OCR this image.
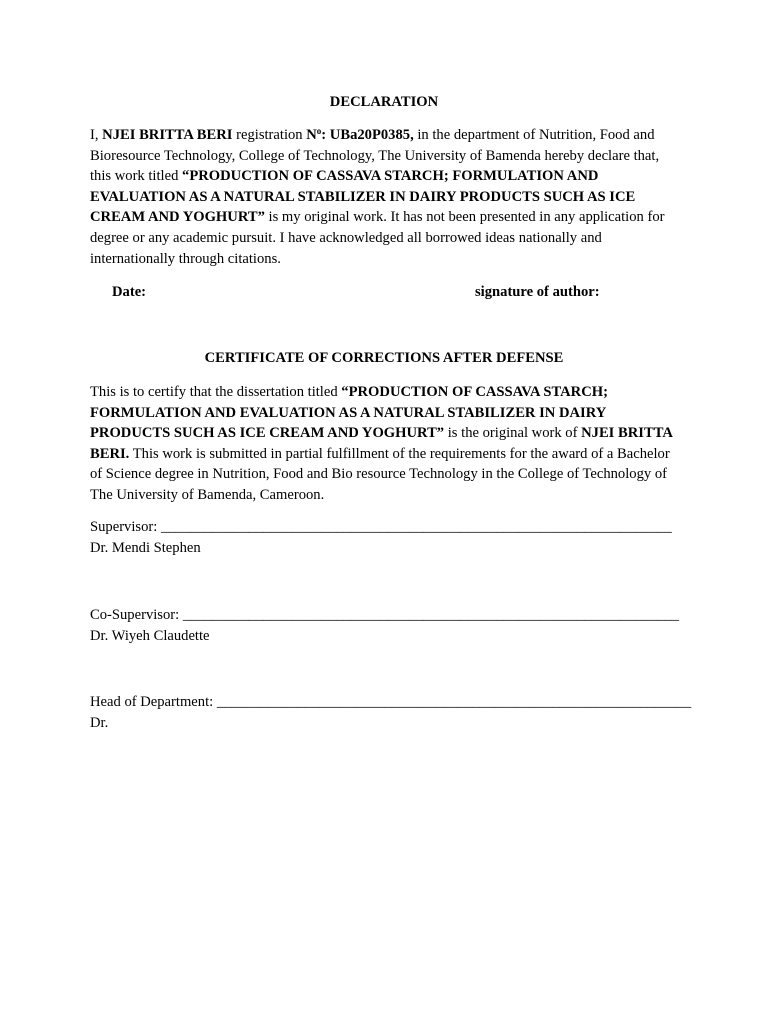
DECLARATION

I, NJEI BRITTA BERI registration $N^o$: UBa20P0385, in the department of Nutrition, Food and Bioresource Technology, College of Technology, The University of Bamenda hereby declare that, this work titled “PRODUCTION OF CASSAVA STARCH; FORMULATION AND EVALUATION AS A NATURAL STABILIZER IN DAIRY PRODUCTS SUCH AS ICE CREAM AND YOGHURT” is my original work. It has not been presented in any application for degree or any academic pursuit. I have acknowledged all borrowed ideas nationally and internationally through citations.

Date:	signature of author:

CERTIFICATE OF CORRECTIONS AFTER DEFENSE

This is to certify that the dissertation titled “PRODUCTION OF CASSAVA STARCH; FORMULATION AND EVALUATION AS A NATURAL STABILIZER IN DAIRY PRODUCTS SUCH AS ICE CREAM AND YOGHURT” is the original work of NJEI BRITTA BERI. This work is submitted in partial fulfillment of the requirements for the award of a Bachelor of Science degree in Nutrition, Food and Bio resource Technology in the College of Technology of The University of Bamenda, Cameroon.

Supervisor: ______________________________________________________________________
Dr. Mendi Stephen
Co-Supervisor: ____________________________________________________________________
Dr. Wiyeh Claudette
Head of Department: _________________________________________________________________
Dr.
